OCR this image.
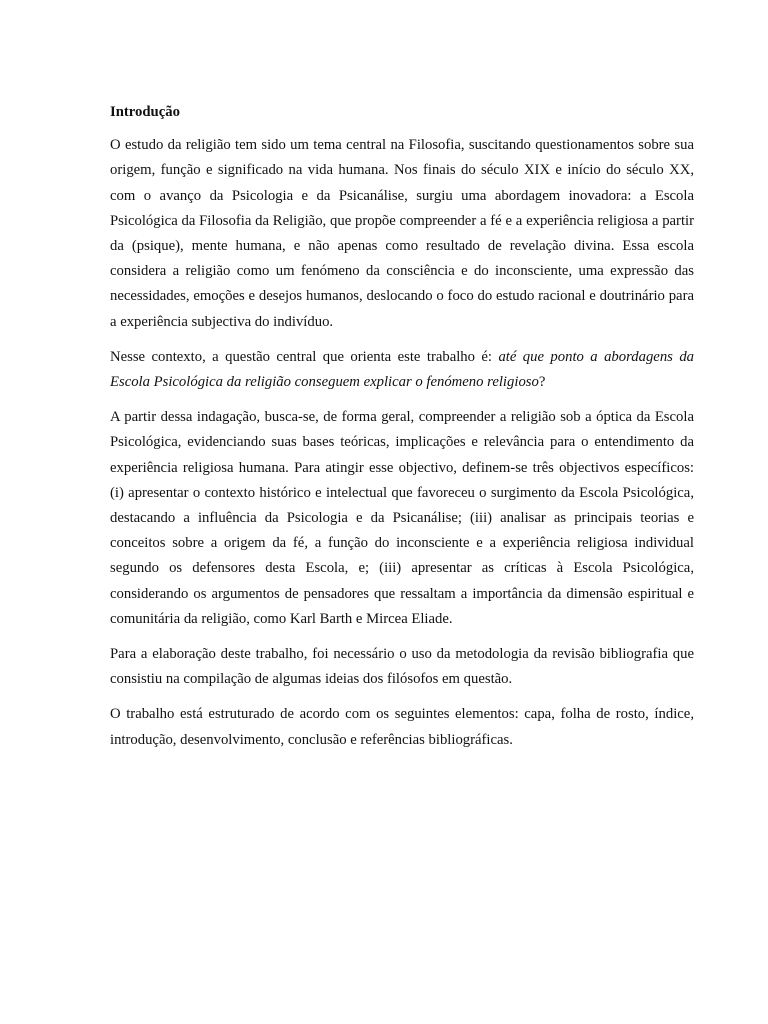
Introdução

O estudo da religião tem sido um tema central na Filosofia, suscitando questionamentos sobre sua origem, função e significado na vida humana. Nos finais do século XIX e início do século XX, com o avanço da Psicologia e da Psicanálise, surgiu uma abordagem inovadora: a Escola Psicológica da Filosofia da Religião, que propõe compreender a fé e a experiência religiosa a partir da (psique), mente humana, e não apenas como resultado de revelação divina. Essa escola considera a religião como um fenómeno da consciência e do inconsciente, uma expressão das necessidades, emoções e desejos humanos, deslocando o foco do estudo racional e doutrinário para a experiência subjectiva do indivíduo.

Nesse contexto, a questão central que orienta este trabalho é: até que ponto a abordagens da Escola Psicológica da religião conseguem explicar o fenómeno religioso?

A partir dessa indagação, busca-se, de forma geral, compreender a religião sob a óptica da Escola Psicológica, evidenciando suas bases teóricas, implicações e relevância para o entendimento da experiência religiosa humana. Para atingir esse objectivo, definem-se três objectivos específicos: (i) apresentar o contexto histórico e intelectual que favoreceu o surgimento da Escola Psicológica, destacando a influência da Psicologia e da Psicanálise; (iii) analisar as principais teorias e conceitos sobre a origem da fé, a função do inconsciente e a experiência religiosa individual segundo os defensores desta Escola, e; (iii) apresentar as críticas à Escola Psicológica, considerando os argumentos de pensadores que ressaltam a importância da dimensão espiritual e comunitária da religião, como Karl Barth e Mircea Eliade.

Para a elaboração deste trabalho, foi necessário o uso da metodologia da revisão bibliografia que consistiu na compilação de algumas ideias dos filósofos em questão.

O trabalho está estruturado de acordo com os seguintes elementos: capa, folha de rosto, índice, introdução, desenvolvimento, conclusão e referências bibliográficas.
